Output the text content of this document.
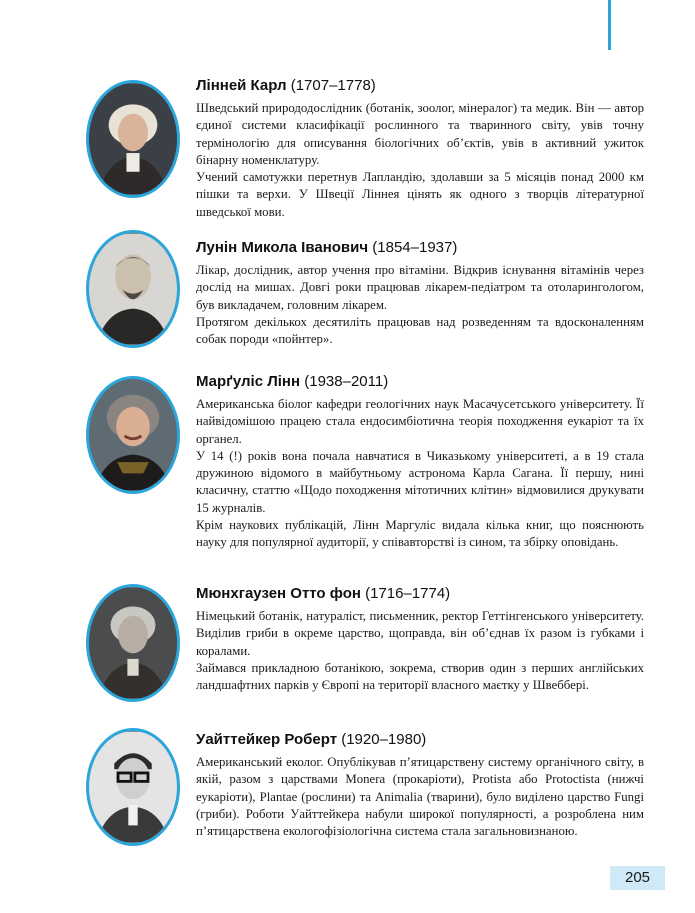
Лінней Карл (1707–1778)

Шведський природодослідник (ботанік, зоолог, мінералог) та медик. Він — автор єдиної системи класифікації рослинного та тваринного світу, увів точну термінологію для описування біологічних об’єктів, увів в активний ужиток бінарну номенклатуру.

Учений самотужки перетнув Лапландію, здолавши за 5 місяців понад 2000 км пішки та верхи. У Швеції Ліннея цінять як одного з творців літературної шведської мови.

Лунін Микола Іванович (1854–1937)

Лікар, дослідник, автор учення про вітаміни. Відкрив існування вітамінів через дослід на мишах. Довгі роки працював лікарем-педіатром та отоларингологом, був викладачем, головним лікарем.

Протягом декількох десятиліть працював над розведенням та вдосконаленням собак породи «пойнтер».

Марґуліс Лінн (1938–2011)

Американська біолог кафедри геологічних наук Масачусетського університету. Її найвідомішою працею стала ендосимбіотична теорія походження еукаріот та їх органел.

У 14 (!) років вона почала навчатися в Чиказькому університеті, а в 19 стала дружиною відомого в майбутньому астронома Карла Сагана. Її першу, нині класичну, статтю «Щодо походження мітотичних клітин» відмовилися друкувати 15 журналів.

Крім наукових публікацій, Лінн Маргуліс видала кілька книг, що пояснюють науку для популярної аудиторії, у співавторстві із сином, та збірку оповідань.

Мюнхгаузен Отто фон (1716–1774)

Німецький ботанік, натураліст, письменник, ректор Геттінгенського університету. Виділив гриби в окреме царство, щоправда, він об’єднав їх разом із губками і коралами.

Займався прикладною ботанікою, зокрема, створив один з перших англійських ландшафтних парків у Європі на території власного маєтку у Швеббері.

Уайттейкер Роберт (1920–1980)

Американський еколог. Опублікував п’ятицарствену систему органічного світу, в якій, разом з царствами Monera (прокаріоти), Protista або Protoctista (нижчі еукаріоти), Plantae (рослини) та Animalia (тварини), було виділено царство Fungi (гриби). Роботи Уайттейкера набули широкої популярності, а розроблена ним п’ятицарствена екологофізіологічна система стала загальновизнаною.

205
